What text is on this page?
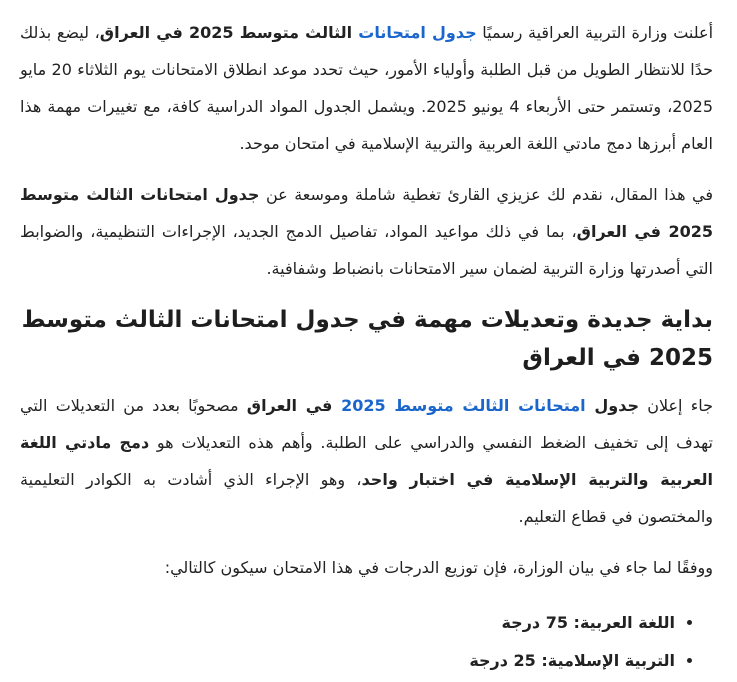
أعلنت وزارة التربية العراقية رسميًا جدول امتحانات الثالث متوسط 2025 في العراق، ليضع بذلك حدًا للانتظار الطويل من قبل الطلبة وأولياء الأمور، حيث تحدد موعد انطلاق الامتحانات يوم الثلاثاء 20 مايو 2025، وتستمر حتى الأربعاء 4 يونيو 2025. ويشمل الجدول المواد الدراسية كافة، مع تغييرات مهمة هذا العام أبرزها دمج مادتي اللغة العربية والتربية الإسلامية في امتحان موحد.

في هذا المقال، نقدم لك عزيزي القارئ تغطية شاملة وموسعة عن جدول امتحانات الثالث متوسط 2025 في العراق، بما في ذلك مواعيد المواد، تفاصيل الدمج الجديد، الإجراءات التنظيمية، والضوابط التي أصدرتها وزارة التربية لضمان سير الامتحانات بانضباط وشفافية.

بداية جديدة وتعديلات مهمة في جدول امتحانات الثالث متوسط 2025 في العراق

جاء إعلان جدول امتحانات الثالث متوسط 2025 في العراق مصحوبًا بعدد من التعديلات التي تهدف إلى تخفيف الضغط النفسي والدراسي على الطلبة. وأهم هذه التعديلات هو دمج مادتي اللغة العربية والتربية الإسلامية في اختبار واحد، وهو الإجراء الذي أشادت به الكوادر التعليمية والمختصون في قطاع التعليم.

ووفقًا لما جاء في بيان الوزارة، فإن توزيع الدرجات في هذا الامتحان سيكون كالتالي:

• اللغة العربية: 75 درجة
• التربية الإسلامية: 25 درجة
